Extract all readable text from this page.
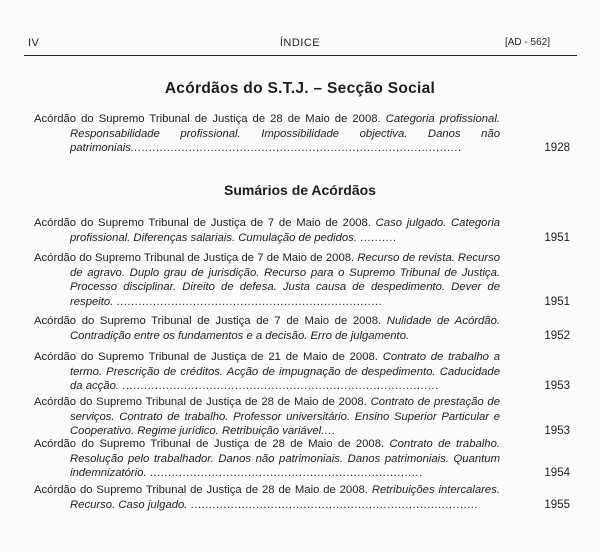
IV	ÍNDICE	[AD - 562]
Acórdãos do S.T.J. – Secção Social

Acórdão do Supremo Tribunal de Justiça de 28 de Maio de 2008. Categoria profissional. Responsabilidade profissional. Impossibilidade objectiva. Danos não patrimoniais...........................................................................................	1928
Sumários de Acórdãos

Acórdão do Supremo Tribunal de Justiça de 7 de Maio de 2008. Caso julgado. Categoria profissional. Diferenças salariais. Cumulação de pedidos. ..........	1951

Acórdão do Supremo Tribunal de Justiça de 7 de Maio de 2008. Recurso de revista. Recurso de agravo. Duplo grau de jurisdição. Recurso para o Supremo Tribunal de Justiça. Processo disciplinar. Direito de defesa. Justa causa de despedimento. Dever de respeito. .........................................................................	1951

Acórdão do Supremo Tribunal de Justiça de 7 de Maio de 2008. Nulidade de Acórdão. Contradição entre os fundamentos e a decisão. Erro de julgamento.	1952

Acórdão do Supremo Tribunal de Justiça de 21 de Maio de 2008. Contrato de trabalho a termo. Prescrição de créditos. Acção de impugnação de despedimento. Caducidade da acção. .......................................................................................	1953

Acórdão do Supremo Tribunal de Justiça de 28 de Maio de 2008. Contrato de prestação de serviços. Contrato de trabalho. Professor universitário. Ensino Superior Particular e Cooperativo. Regime jurídico. Retribuição variável....	1953

Acórdão do Supremo Tribunal de Justiça de 28 de Maio de 2008. Contrato de trabalho. Resolução pelo trabalhador. Danos não patrimoniais. Danos patrimoniais. Quantum indemnizatório. ...........................................................................	1954

Acórdão do Supremo Tribunal de Justiça de 28 de Maio de 2008. Retribuições intercalares. Recurso. Caso julgado. ...............................................................................	1955
